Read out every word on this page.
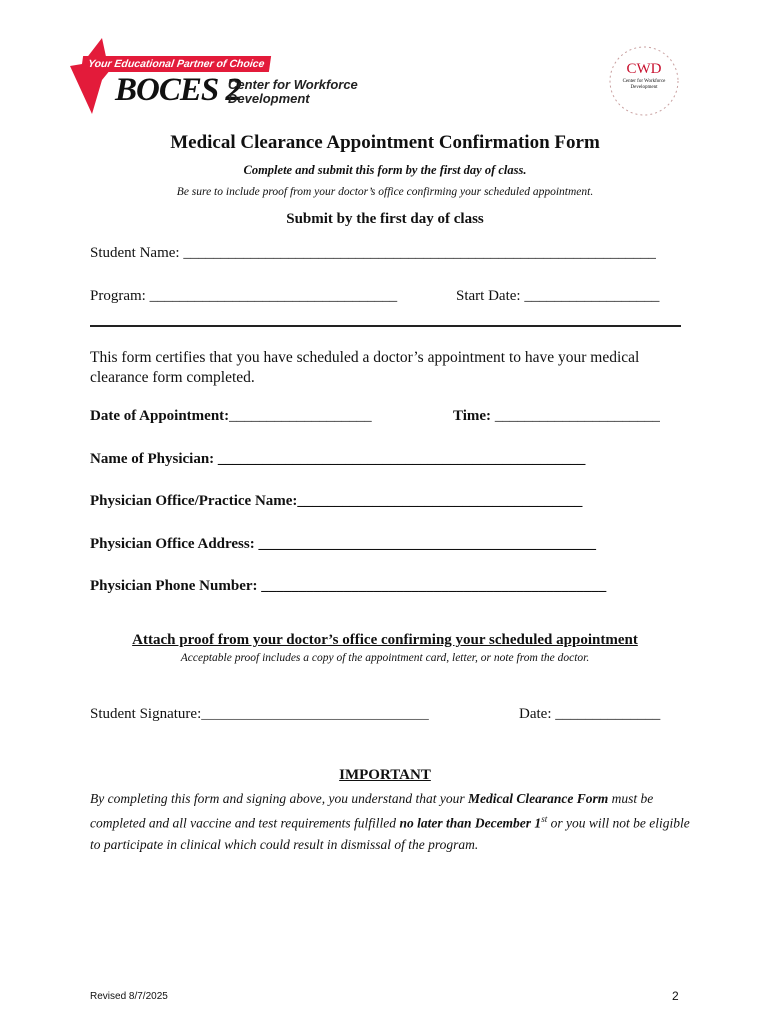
Your Educational Partner of Choice
BOCES 2
Center for Workforce
Development
CWD
Center for Workforce Development
Medical Clearance Appointment Confirmation Form
Complete and submit this form by the first day of class.
Be sure to include proof from your doctor’s office confirming your scheduled appointment.
Submit by the first day of class
Student Name: _______________________________________________________________
Program: _________________________________	Start Date: __________________
This form certifies that you have scheduled a doctor’s appointment to have your medical clearance form completed.
Date of Appointment:___________________	Time: ______________________
Name of Physician: _________________________________________________
Physician Office/Practice Name:______________________________________
Physician Office Address: _____________________________________________
Physician Phone Number: ______________________________________________
Attach proof from your doctor’s office confirming your scheduled appointment
Acceptable proof includes a copy of the appointment card, letter, or note from the doctor.
Student Signature:___________________________________	Date: ______________
IMPORTANT
By completing this form and signing above, you understand that your Medical Clearance Form must be completed and all vaccine and test requirements fulfilled no later than December 1st or you will not be eligible to participate in clinical which could result in dismissal of the program.
Revised 8/7/2025	2
